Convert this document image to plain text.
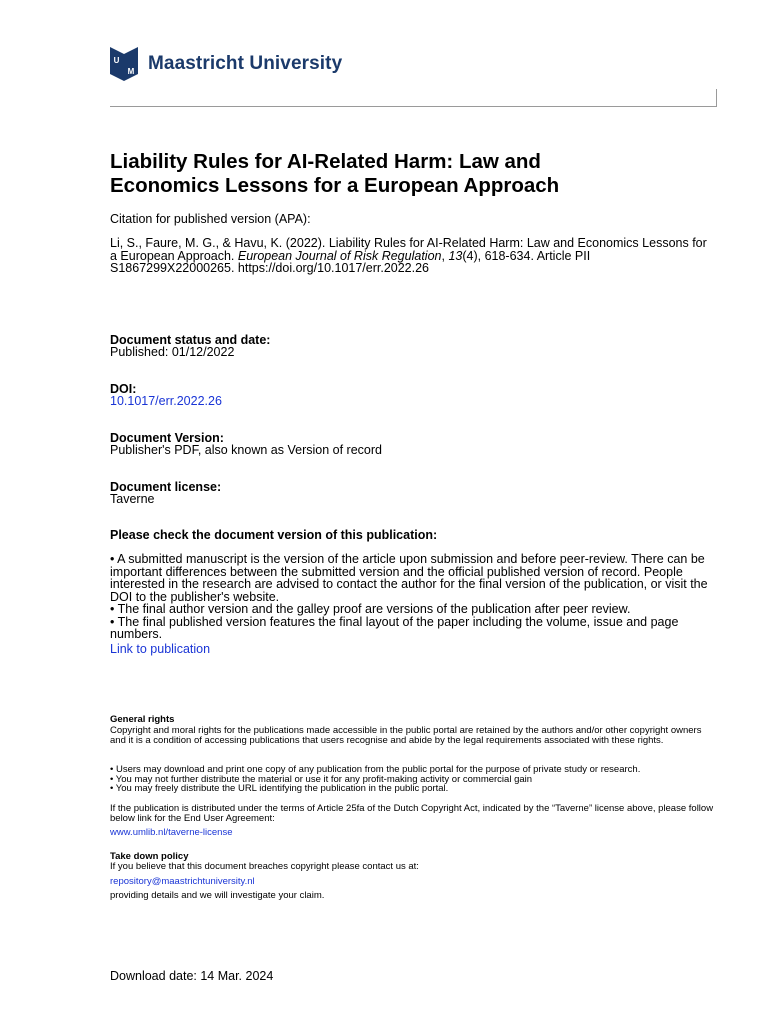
U
M Maastricht University
Liability Rules for AI-Related Harm: Law and
Economics Lessons for a European Approach
Citation for published version (APA):

Li, S., Faure, M. G., & Havu, K. (2022). Liability Rules for AI-Related Harm: Law and Economics Lessons for a European Approach. European Journal of Risk Regulation, 13(4), 618-634. Article PII S1867299X22000265. https://doi.org/10.1017/err.2022.26

Document status and date:
Published: 01/12/2022
DOI:
10.1017/err.2022.26
Document Version:
Publisher's PDF, also known as Version of record
Document license:
Taverne
Please check the document version of this publication:

• A submitted manuscript is the version of the article upon submission and before peer-review. There can be important differences between the submitted version and the official published version of record. People interested in the research are advised to contact the author for the final version of the publication, or visit the DOI to the publisher's website.

• The final author version and the galley proof are versions of the publication after peer review.

• The final published version features the final layout of the paper including the volume, issue and page numbers.

Link to publication
General rights

Copyright and moral rights for the publications made accessible in the public portal are retained by the authors and/or other copyright owners and it is a condition of accessing publications that users recognise and abide by the legal requirements associated with these rights.

• Users may download and print one copy of any publication from the public portal for the purpose of private study or research.

• You may not further distribute the material or use it for any profit-making activity or commercial gain

• You may freely distribute the URL identifying the publication in the public portal.

If the publication is distributed under the terms of Article 25fa of the Dutch Copyright Act, indicated by the “Taverne” license above, please follow below link for the End User Agreement:

www.umlib.nl/taverne-license
Take down policy
If you believe that this document breaches copyright please contact us at:
repository@maastrichtuniversity.nl
providing details and we will investigate your claim.
Download date: 14 Mar. 2024
